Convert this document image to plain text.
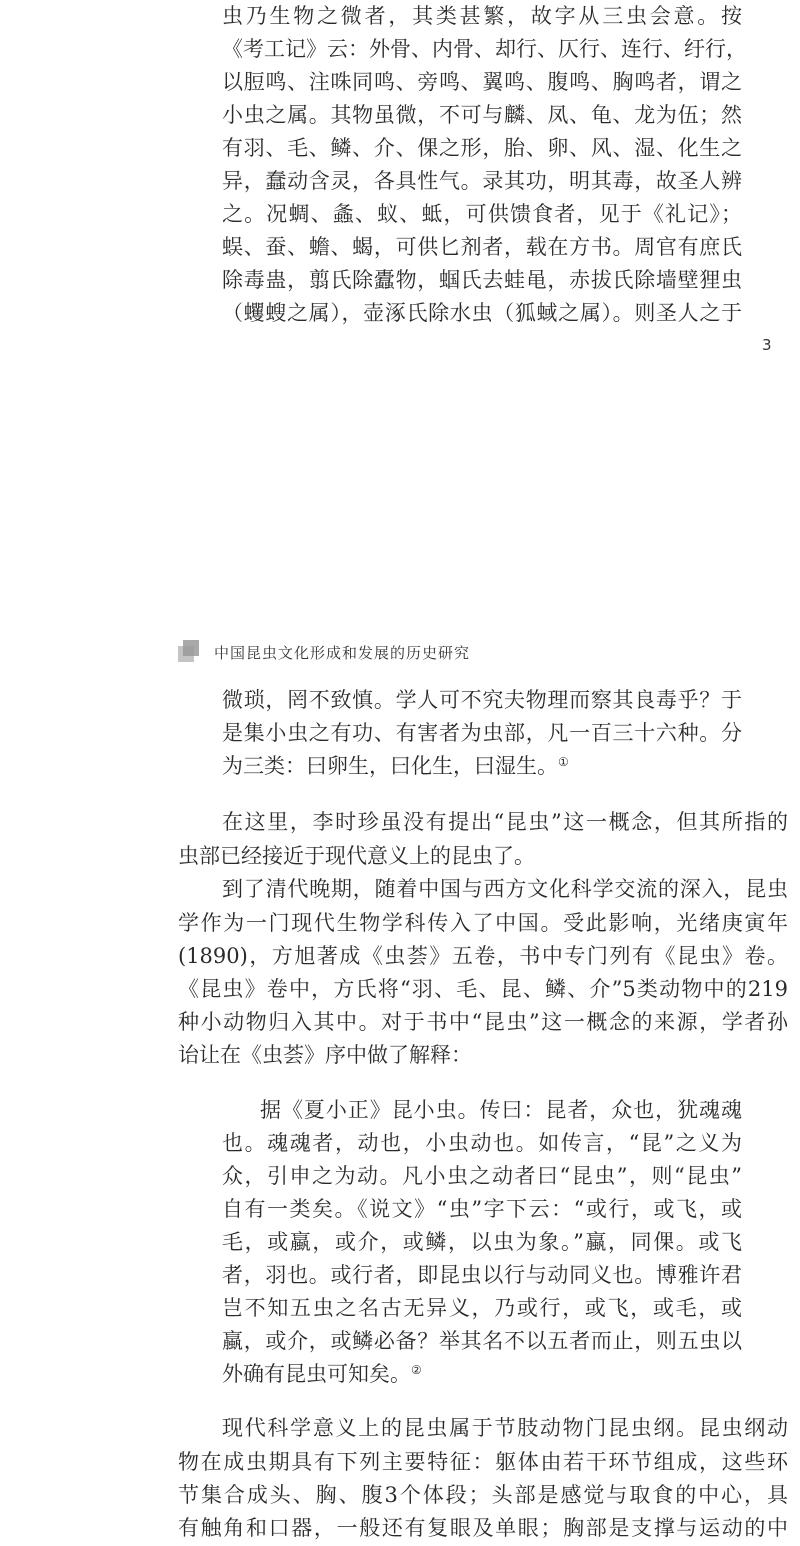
虫乃生物之微者，其类甚繁，故字从三虫会意。按

《考工记》云：外骨、内骨、却行、仄行、连行、纡行，

以脰鸣、注咮同鸣、旁鸣、翼鸣、腹鸣、胸鸣者，谓之

小虫之属。其物虽微，不可与麟、凤、龟、龙为伍；然

有羽、毛、鳞、介、倮之形，胎、卵、风、湿、化生之

异，蠢动含灵，各具性气。录其功，明其毒，故圣人辨

之。况蜩、螽、蚁、蚳，可供馈食者，见于《礼记》；

蜈、蚕、蟾、蝎，可供匕剂者，载在方书。周官有庶氏

除毒蛊，翦氏除蠹物，蝈氏去蛙黾，赤拔氏除墙壁狸虫

（蠼螋之属），壶涿氏除水虫（狐蜮之属）。则圣人之于

3
中国昆虫文化形成和发展的历史研究

微琐，罔不致慎。学人可不究夫物理而察其良毒乎？于

是集小虫之有功、有害者为虫部，凡一百三十六种。分

为三类：曰卵生，曰化生，曰湿生。①

在这里，李时珍虽没有提出“昆虫”这一概念，但其所指的

虫部已经接近于现代意义上的昆虫了。

到了清代晚期，随着中国与西方文化科学交流的深入，昆虫

学作为一门现代生物学科传入了中国。受此影响，光绪庚寅年

(1890)，方旭著成《虫荟》五卷，书中专门列有《昆虫》卷。

《昆虫》卷中，方氏将“羽、毛、昆、鳞、介”5类动物中的219

种小动物归入其中。对于书中“昆虫”这一概念的来源，学者孙

诒让在《虫荟》序中做了解释：

据《夏小正》昆小虫。传曰：昆者，众也，犹魂魂

也。魂魂者，动也，小虫动也。如传言，“昆”之义为

众，引申之为动。凡小虫之动者曰“昆虫”，则“昆虫”

自有一类矣。《说文》“虫”字下云：“或行，或飞，或

毛，或蠃，或介，或鳞，以虫为象。”蠃，同倮。或飞

者，羽也。或行者，即昆虫以行与动同义也。博雅许君

岂不知五虫之名古无异义，乃或行，或飞，或毛，或

蠃，或介，或鳞必备？举其名不以五者而止，则五虫以

外确有昆虫可知矣。②

现代科学意义上的昆虫属于节肢动物门昆虫纲。昆虫纲动

物在成虫期具有下列主要特征：躯体由若干环节组成，这些环

节集合成头、胸、腹3个体段；头部是感觉与取食的中心，具

有触角和口器，一般还有复眼及单眼；胸部是支撑与运动的中
